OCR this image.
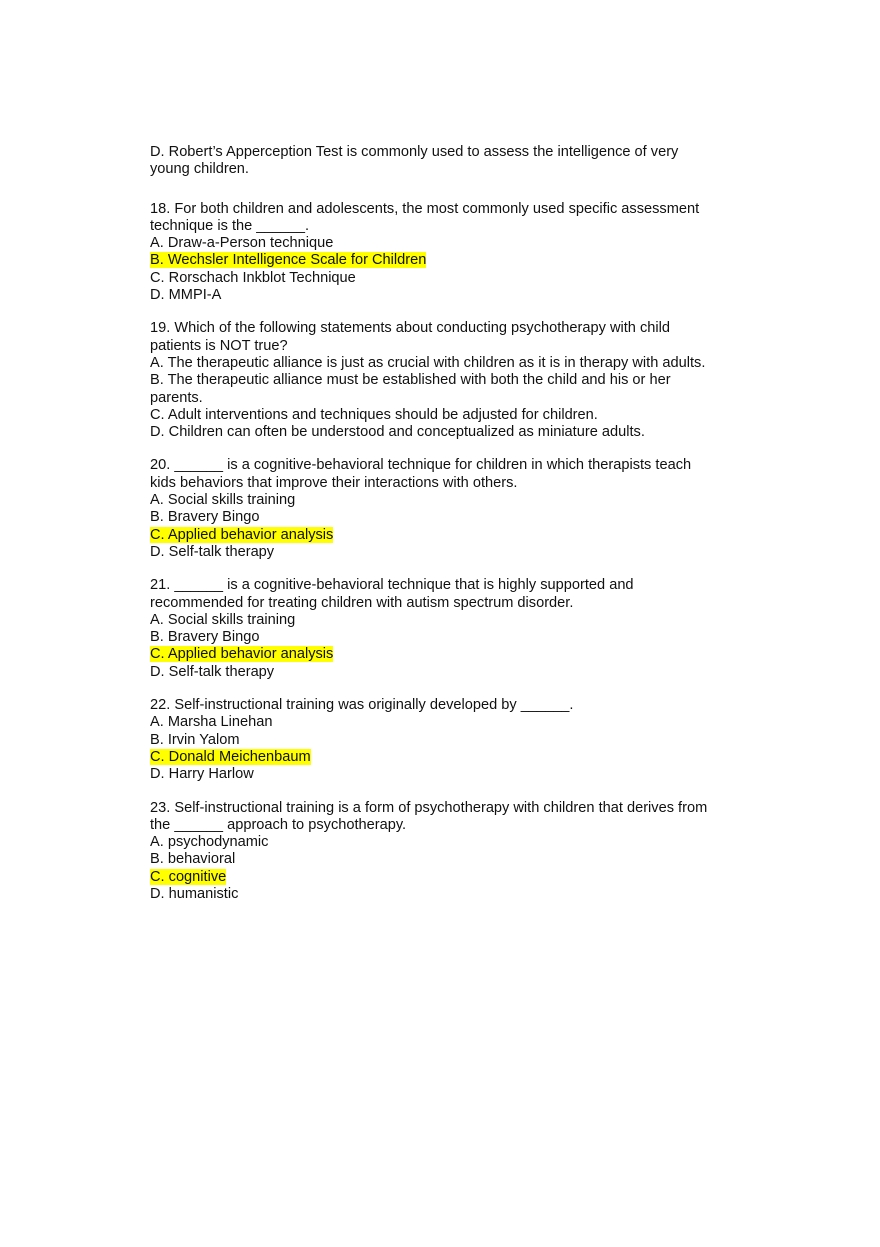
D. Robert’s Apperception Test is commonly used to assess the intelligence of very
young children.
18. For both children and adolescents, the most commonly used specific assessment
technique is the ______.
A. Draw-a-Person technique
B. Wechsler Intelligence Scale for Children
C. Rorschach Inkblot Technique
D. MMPI-A
19. Which of the following statements about conducting psychotherapy with child
patients is NOT true?
A. The therapeutic alliance is just as crucial with children as it is in therapy with adults.
B. The therapeutic alliance must be established with both the child and his or her
parents.
C. Adult interventions and techniques should be adjusted for children.
D. Children can often be understood and conceptualized as miniature adults.
20. ______ is a cognitive-behavioral technique for children in which therapists teach
kids behaviors that improve their interactions with others.
A. Social skills training
B. Bravery Bingo
C. Applied behavior analysis
D. Self-talk therapy
21. ______ is a cognitive-behavioral technique that is highly supported and
recommended for treating children with autism spectrum disorder.
A. Social skills training
B. Bravery Bingo
C. Applied behavior analysis
D. Self-talk therapy
22. Self-instructional training was originally developed by ______.
A. Marsha Linehan
B. Irvin Yalom
C. Donald Meichenbaum
D. Harry Harlow
23. Self-instructional training is a form of psychotherapy with children that derives from
the ______ approach to psychotherapy.
A. psychodynamic
B. behavioral
C. cognitive
D. humanistic
